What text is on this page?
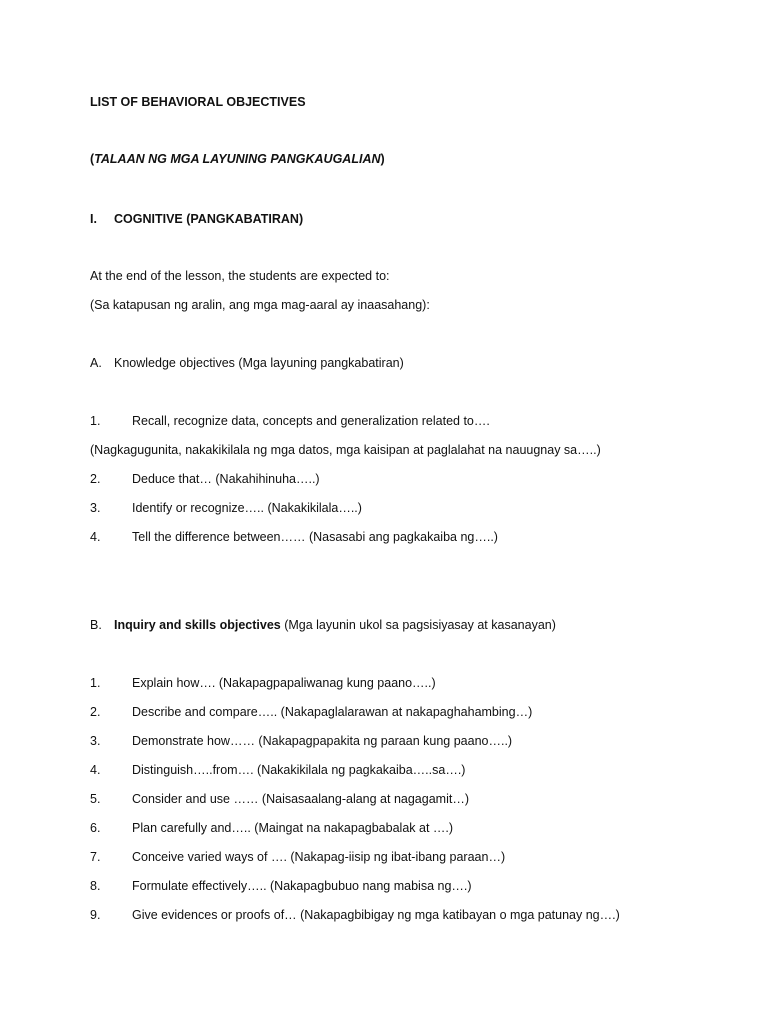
LIST OF BEHAVIORAL OBJECTIVES
(TALAAN NG MGA LAYUNING PANGKAUGALIAN)
I. COGNITIVE (PANGKABATIRAN)
At the end of the lesson, the students are expected to:
(Sa katapusan ng aralin, ang mga mag-aaral ay inaasahang):
A. Knowledge objectives (Mga layuning pangkabatiran)
1.	Recall, recognize data, concepts and generalization related to….
(Nagkagugunita, nakakikilala ng mga datos, mga kaisipan at paglalahat na nauugnay sa…..)
2.	Deduce that… (Nakahihinuha…..)
3.	Identify or recognize….. (Nakakikilala…..)
4.	Tell the difference between…… (Nasasabi ang pagkakaiba ng…..)
B. Inquiry and skills objectives (Mga layunin ukol sa pagsisiyasay at kasanayan)
1.	Explain how…. (Nakapagpapaliwanag kung paano…..)
2.	Describe and compare….. (Nakapaglalarawan at nakapaghahambing…)
3.	Demonstrate how…… (Nakapagpapakita ng paraan kung paano…..)
4.	Distinguish…..from…. (Nakakikilala ng pagkakaiba…..sa….)
5.	Consider and use …… (Naisasaalang-alang at nagagamit…)
6.	Plan carefully and….. (Maingat na nakapagbabalak at ….)
7.	Conceive varied ways of …. (Nakapag-iisip ng ibat-ibang paraan…)
8.	Formulate effectively….. (Nakapagbubuo nang mabisa ng….)
9.	Give evidences or proofs of… (Nakapagbibigay ng mga katibayan o mga patunay ng….)
